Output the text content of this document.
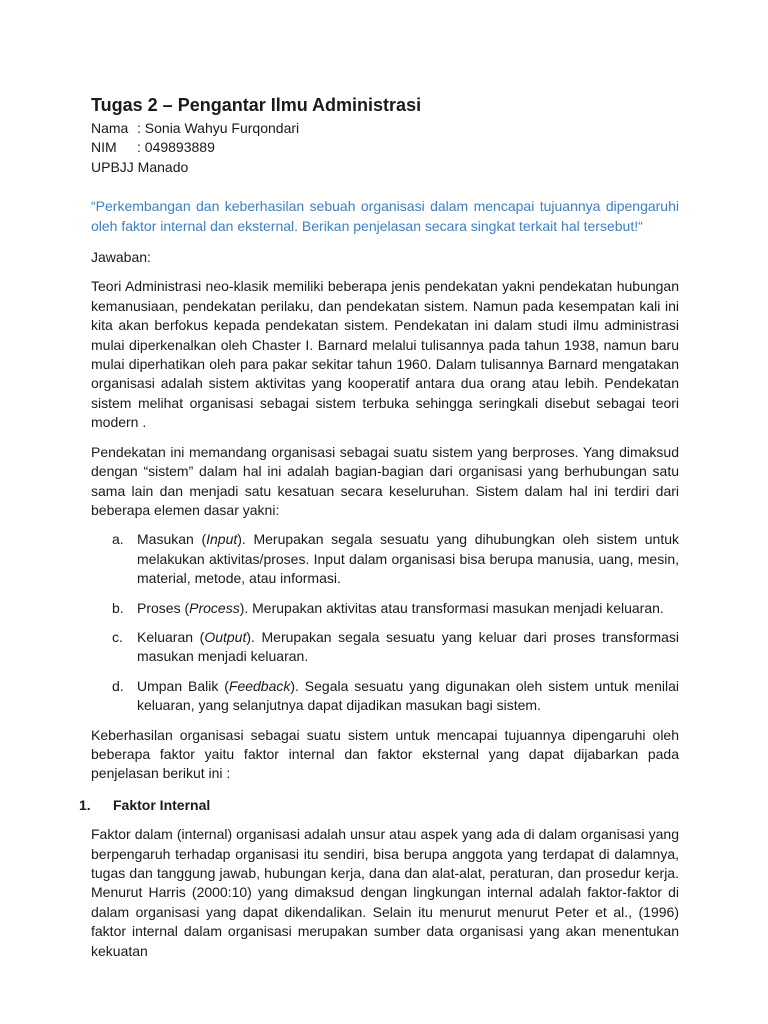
Tugas 2 – Pengantar Ilmu Administrasi
Nama : Sonia Wahyu Furqondari
NIM : 049893889
UPBJJ Manado

“Perkembangan dan keberhasilan sebuah organisasi dalam mencapai tujuannya dipengaruhi oleh faktor internal dan eksternal. Berikan penjelasan secara singkat terkait hal tersebut!“

Jawaban:

Teori Administrasi neo-klasik memiliki beberapa jenis pendekatan yakni pendekatan hubungan kemanusiaan, pendekatan perilaku, dan pendekatan sistem. Namun pada kesempatan kali ini kita akan berfokus kepada pendekatan sistem. Pendekatan ini dalam studi ilmu administrasi mulai diperkenalkan oleh Chaster I. Barnard melalui tulisannya pada tahun 1938, namun baru mulai diperhatikan oleh para pakar sekitar tahun 1960. Dalam tulisannya Barnard mengatakan organisasi adalah sistem aktivitas yang kooperatif antara dua orang atau lebih. Pendekatan sistem melihat organisasi sebagai sistem terbuka sehingga seringkali disebut sebagai teori modern .

Pendekatan ini memandang organisasi sebagai suatu sistem yang berproses. Yang dimaksud dengan “sistem” dalam hal ini adalah bagian-bagian dari organisasi yang berhubungan satu sama lain dan menjadi satu kesatuan secara keseluruhan. Sistem dalam hal ini terdiri dari beberapa elemen dasar yakni:

a. Masukan (Input). Merupakan segala sesuatu yang dihubungkan oleh sistem untuk melakukan aktivitas/proses. Input dalam organisasi bisa berupa manusia, uang, mesin, material, metode, atau informasi.
b. Proses (Process). Merupakan aktivitas atau transformasi masukan menjadi keluaran.
c. Keluaran (Output). Merupakan segala sesuatu yang keluar dari proses transformasi masukan menjadi keluaran.
d. Umpan Balik (Feedback). Segala sesuatu yang digunakan oleh sistem untuk menilai keluaran, yang selanjutnya dapat dijadikan masukan bagi sistem.

Keberhasilan organisasi sebagai suatu sistem untuk mencapai tujuannya dipengaruhi oleh beberapa faktor yaitu faktor internal dan faktor eksternal yang dapat dijabarkan pada penjelasan berikut ini :

1. Faktor Internal

Faktor dalam (internal) organisasi adalah unsur atau aspek yang ada di dalam organisasi yang berpengaruh terhadap organisasi itu sendiri, bisa berupa anggota yang terdapat di dalamnya, tugas dan tanggung jawab, hubungan kerja, dana dan alat-alat, peraturan, dan prosedur kerja. Menurut Harris (2000:10) yang dimaksud dengan lingkungan internal adalah faktor-faktor di dalam organisasi yang dapat dikendalikan. Selain itu menurut menurut Peter et al., (1996) faktor internal dalam organisasi merupakan sumber data organisasi yang akan menentukan kekuatan
